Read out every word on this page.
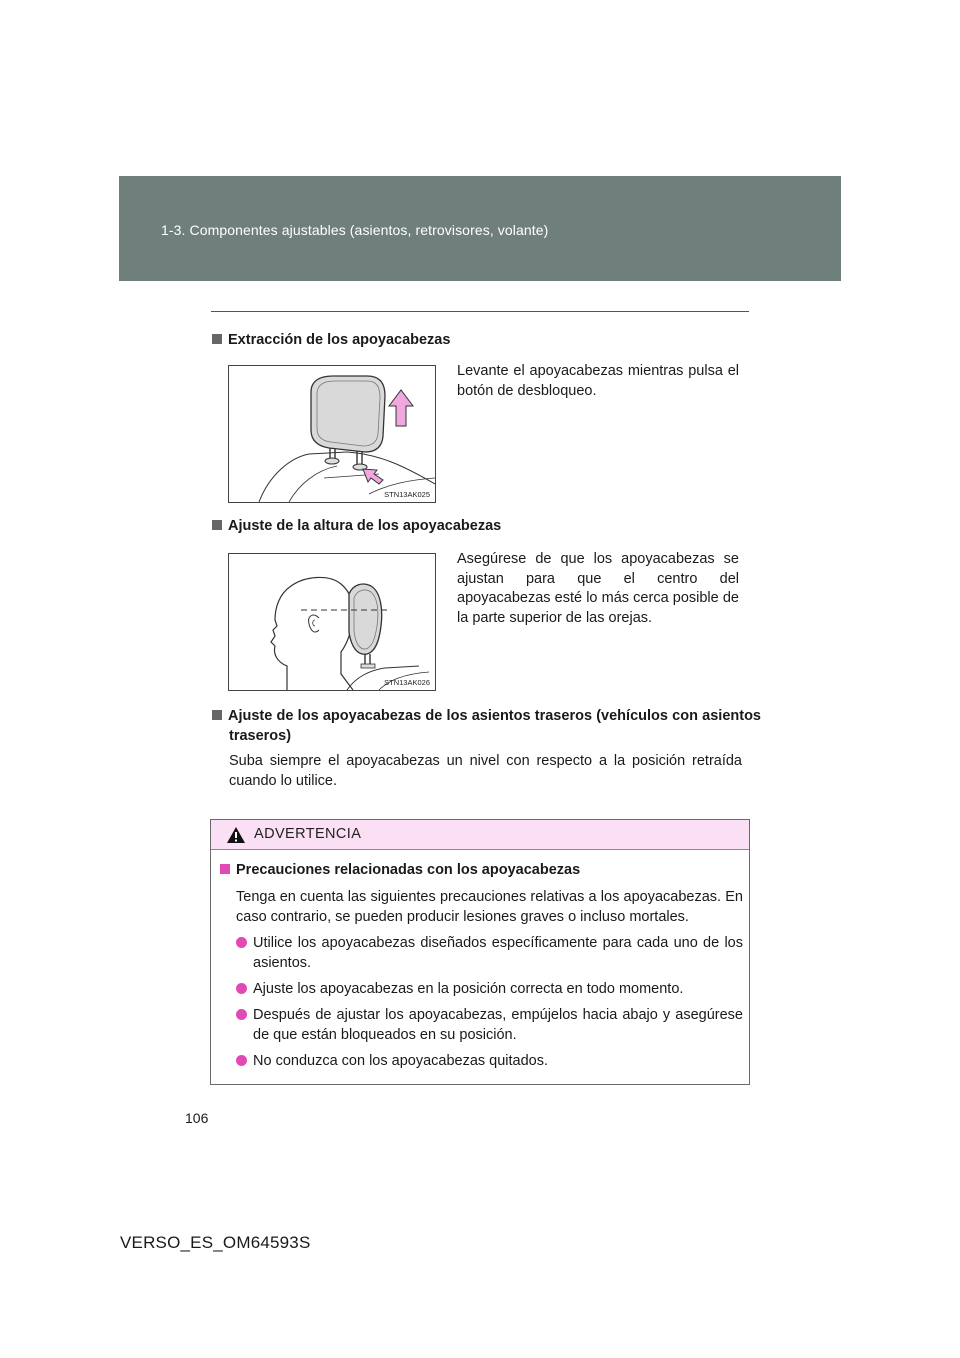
1-3. Componentes ajustables (asientos, retrovisores, volante)
Extracción de los apoyacabezas
STN13AK025
Levante el apoyacabezas mientras pulsa el botón de desbloqueo.
Ajuste de la altura de los apoyacabezas
STN13AK026
Asegúrese de que los apoyacabezas se ajustan para que el centro del apoyacabezas esté lo más cerca posible de la parte superior de las orejas.
Ajuste de los apoyacabezas de los asientos traseros (vehículos con asientos traseros)
Suba siempre el apoyacabezas un nivel con respecto a la posición retraída cuando lo utilice.
ADVERTENCIA
Precauciones relacionadas con los apoyacabezas
Tenga en cuenta las siguientes precauciones relativas a los apoyacabezas. En caso contrario, se pueden producir lesiones graves o incluso mortales.
Utilice los apoyacabezas diseñados específicamente para cada uno de los asientos.
Ajuste los apoyacabezas en la posición correcta en todo momento.
Después de ajustar los apoyacabezas, empújelos hacia abajo y asegúrese de que están bloqueados en su posición.
No conduzca con los apoyacabezas quitados.
106
VERSO_ES_OM64593S
